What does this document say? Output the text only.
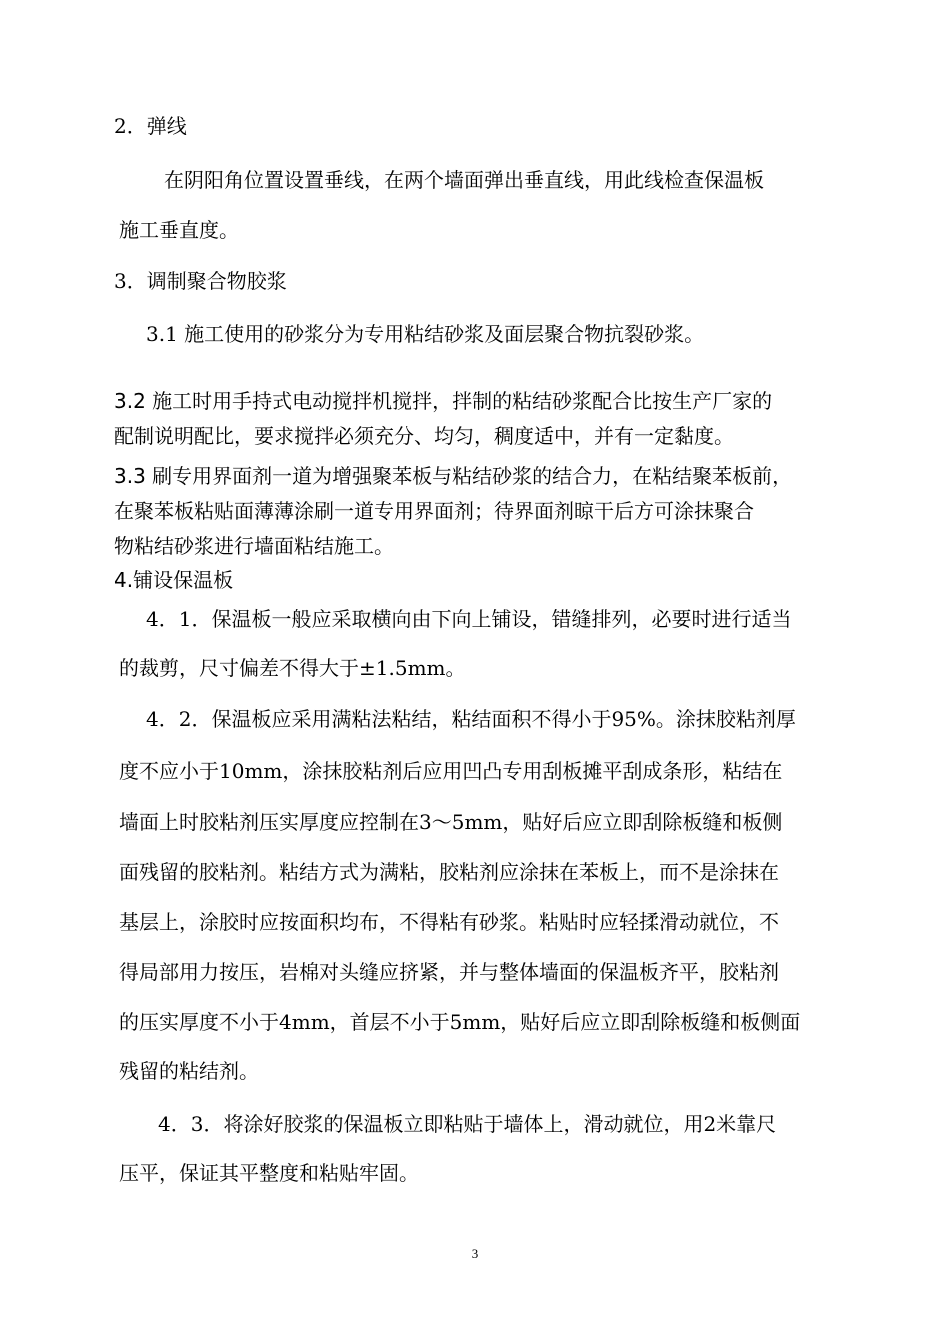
2．弹线
在阴阳角位置设置垂线，在两个墙面弹出垂直线，用此线检查保温板
施工垂直度。
3．调制聚合物胶浆
3.1 施工使用的砂浆分为专用粘结砂浆及面层聚合物抗裂砂浆。
3.2 施工时用手持式电动搅拌机搅拌，拌制的粘结砂浆配合比按生产厂家的
配制说明配比，要求搅拌必须充分、均匀，稠度适中，并有一定黏度。
3.3 刷专用界面剂一道为增强聚苯板与粘结砂浆的结合力，在粘结聚苯板前，
在聚苯板粘贴面薄薄涂刷一道专用界面剂；待界面剂晾干后方可涂抹聚合
物粘结砂浆进行墙面粘结施工。
4.铺设保温板
4．1．保温板一般应采取横向由下向上铺设，错缝排列，必要时进行适当
的裁剪，尺寸偏差不得大于±1.5mm。
4．2．保温板应采用满粘法粘结，粘结面积不得小于95%。涂抹胶粘剂厚
度不应小于10mm，涂抹胶粘剂后应用凹凸专用刮板摊平刮成条形，粘结在
墙面上时胶粘剂压实厚度应控制在3～5mm，贴好后应立即刮除板缝和板侧
面残留的胶粘剂。粘结方式为满粘，胶粘剂应涂抹在苯板上，而不是涂抹在
基层上，涂胶时应按面积均布，不得粘有砂浆。粘贴时应轻揉滑动就位，不
得局部用力按压，岩棉对头缝应挤紧，并与整体墙面的保温板齐平，胶粘剂
的压实厚度不小于4mm，首层不小于5mm，贴好后应立即刮除板缝和板侧面
残留的粘结剂。
4．3．将涂好胶浆的保温板立即粘贴于墙体上，滑动就位，用2米靠尺
压平，保证其平整度和粘贴牢固。
3
